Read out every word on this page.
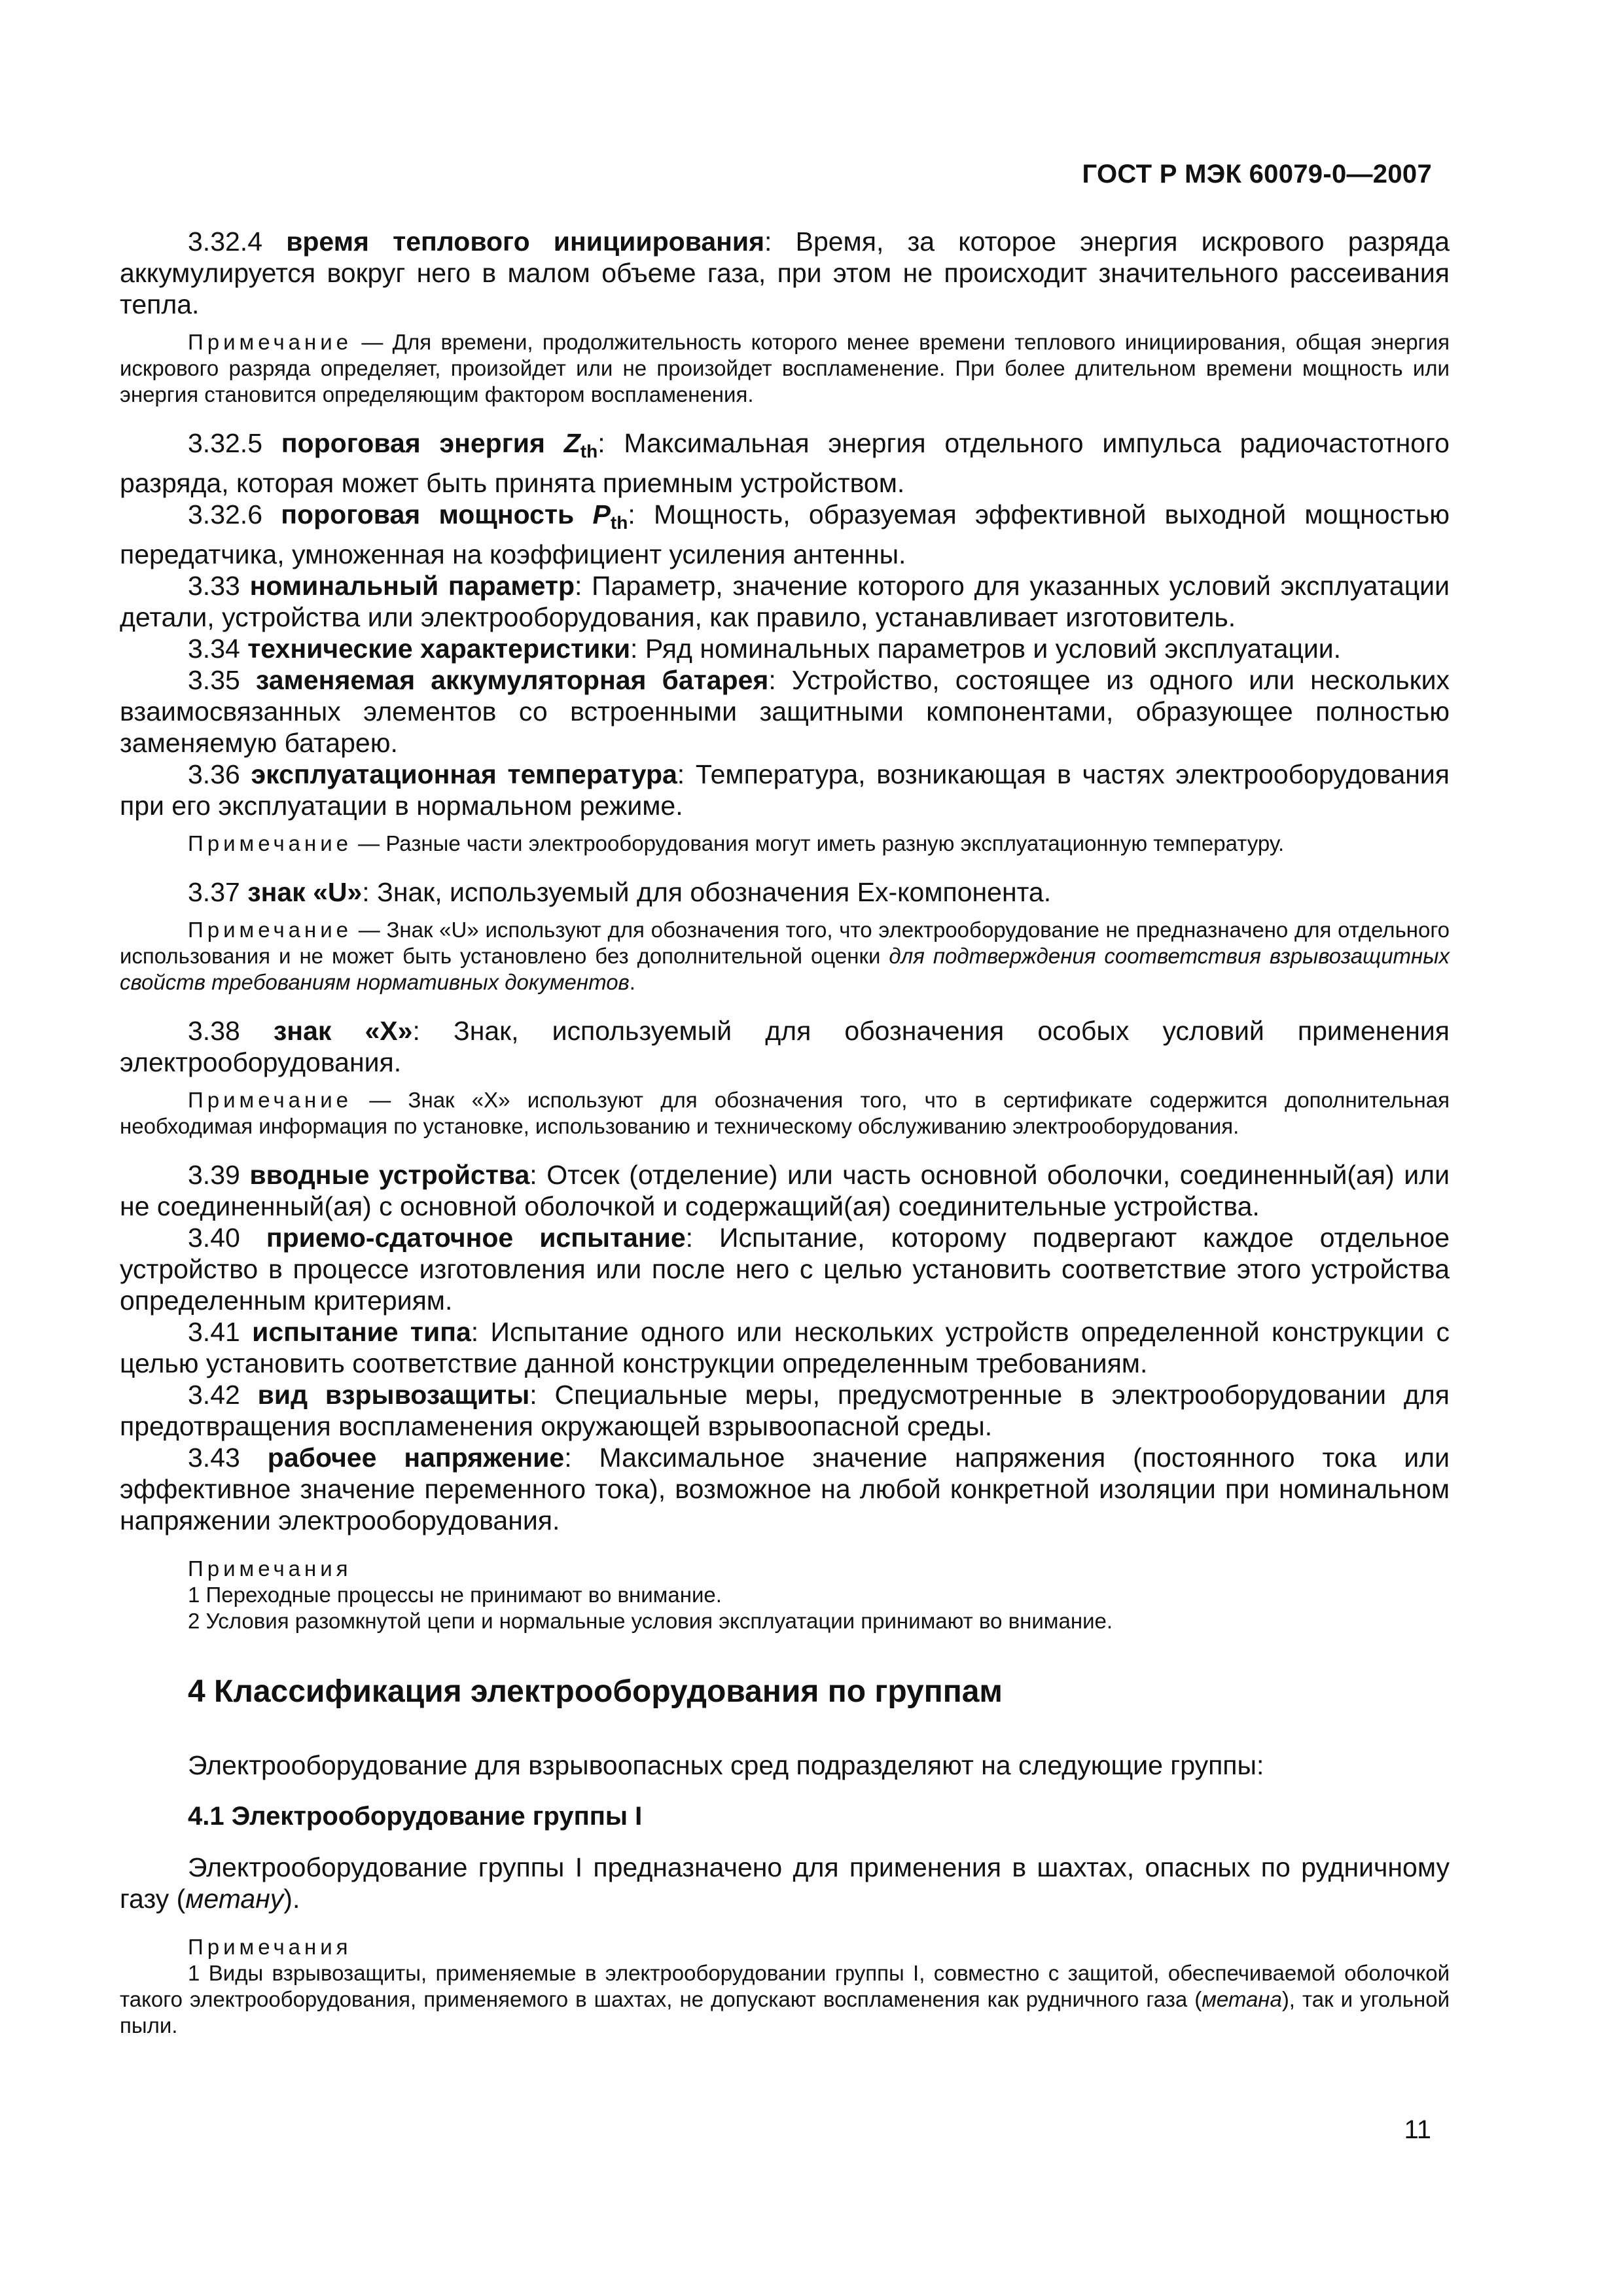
ГОСТ Р МЭК 60079-0—2007

3.32.4 время теплового инициирования: Время, за которое энергия искрового разряда аккумулируется вокруг него в малом объеме газа, при этом не происходит значительного рассеивания тепла.

Примечание — Для времени, продолжительность которого менее времени теплового инициирования, общая энергия искрового разряда определяет, произойдет или не произойдет воспламенение. При более длительном времени мощность или энергия становится определяющим фактором воспламенения.

3.32.5 пороговая энергия $Z_{th}$: Максимальная энергия отдельного импульса радиочастотного разряда, которая может быть принята приемным устройством.

3.32.6 пороговая мощность $P_{th}$: Мощность, образуемая эффективной выходной мощностью передатчика, умноженная на коэффициент усиления антенны.

3.33 номинальный параметр: Параметр, значение которого для указанных условий эксплуатации детали, устройства или электрооборудования, как правило, устанавливает изготовитель.

3.34 технические характеристики: Ряд номинальных параметров и условий эксплуатации.

3.35 заменяемая аккумуляторная батарея: Устройство, состоящее из одного или нескольких взаимосвязанных элементов со встроенными защитными компонентами, образующее полностью заменяемую батарею.

3.36 эксплуатационная температура: Температура, возникающая в частях электрооборудования при его эксплуатации в нормальном режиме.

Примечание — Разные части электрооборудования могут иметь разную эксплуатационную температуру.

3.37 знак «U»: Знак, используемый для обозначения Ex-компонента.

Примечание — Знак «U» используют для обозначения того, что электрооборудование не предназначено для отдельного использования и не может быть установлено без дополнительной оценки для подтверждения соответствия взрывозащитных свойств требованиям нормативных документов.

3.38 знак «X»: Знак, используемый для обозначения особых условий применения электрооборудования.

Примечание — Знак «X» используют для обозначения того, что в сертификате содержится дополнительная необходимая информация по установке, использованию и техническому обслуживанию электрооборудования.

3.39 вводные устройства: Отсек (отделение) или часть основной оболочки, соединенный(ая) или не соединенный(ая) с основной оболочкой и содержащий(ая) соединительные устройства.

3.40 приемо-сдаточное испытание: Испытание, которому подвергают каждое отдельное устройство в процессе изготовления или после него с целью установить соответствие этого устройства определенным критериям.

3.41 испытание типа: Испытание одного или нескольких устройств определенной конструкции с целью установить соответствие данной конструкции определенным требованиям.

3.42 вид взрывозащиты: Специальные меры, предусмотренные в электрооборудовании для предотвращения воспламенения окружающей взрывоопасной среды.

3.43 рабочее напряжение: Максимальное значение напряжения (постоянного тока или эффективное значение переменного тока), возможное на любой конкретной изоляции при номинальном напряжении электрооборудования.

Примечания

1 Переходные процессы не принимают во внимание.

2 Условия разомкнутой цепи и нормальные условия эксплуатации принимают во внимание.

4 Классификация электрооборудования по группам

Электрооборудование для взрывоопасных сред подразделяют на следующие группы:

4.1 Электрооборудование группы I

Электрооборудование группы I предназначено для применения в шахтах, опасных по рудничному газу (метану).

Примечания

1 Виды взрывозащиты, применяемые в электрооборудовании группы I, совместно с защитой, обеспечиваемой оболочкой такого электрооборудования, применяемого в шахтах, не допускают воспламенения как рудничного газа (метана), так и угольной пыли.

11
